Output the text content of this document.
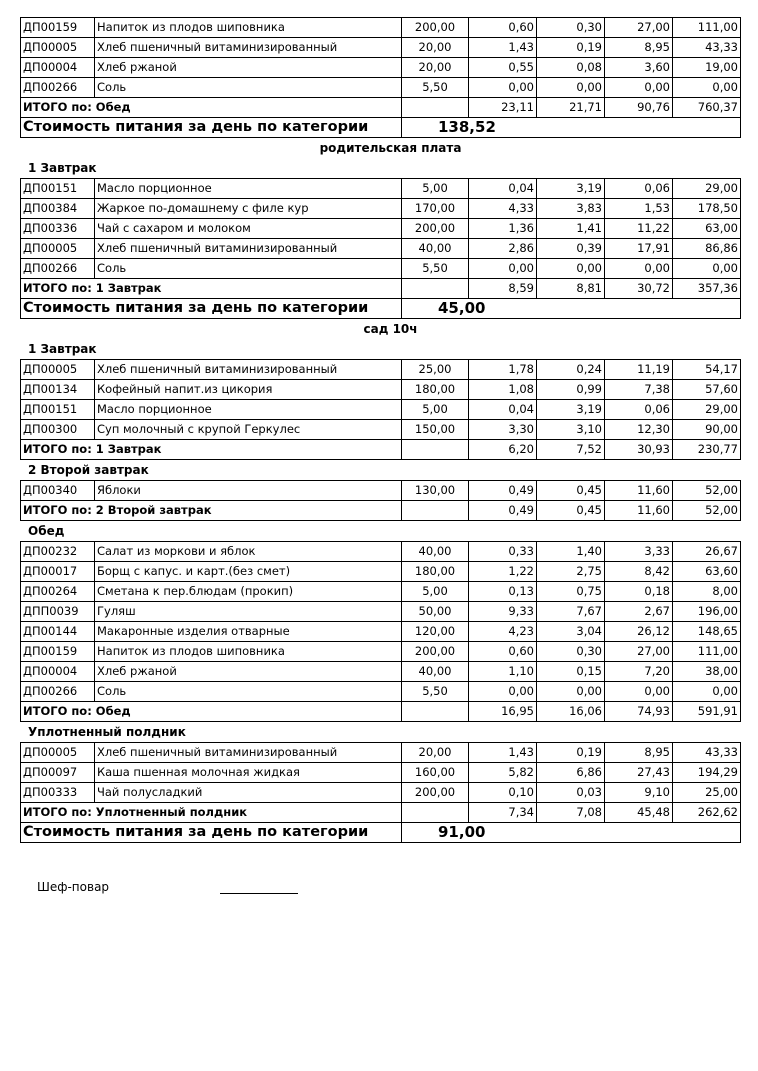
ДП00159	Напиток из плодов шиповника	200,00	0,60	0,30	27,00	111,00
ДП00005	Хлеб пшеничный витаминизированный	20,00	1,43	0,19	8,95	43,33
ДП00004	Хлеб ржаной	20,00	0,55	0,08	3,60	19,00
ДП00266	Соль	5,50	0,00	0,00	0,00	0,00
ИТОГО по: Обед			23,11	21,71	90,76	760,37
Стоимость питания за день по категории		138,52				
родительская плата
1 Завтрак
ДП00151	Масло порционное	5,00	0,04	3,19	0,06	29,00
ДП00384	Жаркое по-домашнему с филе кур	170,00	4,33	3,83	1,53	178,50
ДП00336	Чай с сахаром и молоком	200,00	1,36	1,41	11,22	63,00
ДП00005	Хлеб пшеничный витаминизированный	40,00	2,86	0,39	17,91	86,86
ДП00266	Соль	5,50	0,00	0,00	0,00	0,00
ИТОГО по: 1 Завтрак			8,59	8,81	30,72	357,36
Стоимость питания за день по категории		45,00				
сад 10ч
1 Завтрак
ДП00005	Хлеб пшеничный витаминизированный	25,00	1,78	0,24	11,19	54,17
ДП00134	Кофейный напит.из цикория	180,00	1,08	0,99	7,38	57,60
ДП00151	Масло порционное	5,00	0,04	3,19	0,06	29,00
ДП00300	Суп молочный с крупой Геркулес	150,00	3,30	3,10	12,30	90,00
ИТОГО по: 1 Завтрак			6,20	7,52	30,93	230,77
2 Второй завтрак
ДП00340	Яблоки	130,00	0,49	0,45	11,60	52,00
ИТОГО по: 2 Второй завтрак			0,49	0,45	11,60	52,00
Обед
ДП00232	Салат из моркови и яблок	40,00	0,33	1,40	3,33	26,67
ДП00017	Борщ с капус. и карт.(без смет)	180,00	1,22	2,75	8,42	63,60
ДП00264	Сметана к пер.блюдам (прокип)	5,00	0,13	0,75	0,18	8,00
ДПП0039	Гуляш	50,00	9,33	7,67	2,67	196,00
ДП00144	Макаронные изделия отварные	120,00	4,23	3,04	26,12	148,65
ДП00159	Напиток из плодов шиповника	200,00	0,60	0,30	27,00	111,00
ДП00004	Хлеб ржаной	40,00	1,10	0,15	7,20	38,00
ДП00266	Соль	5,50	0,00	0,00	0,00	0,00
ИТОГО по: Обед			16,95	16,06	74,93	591,91
Уплотненный полдник
ДП00005	Хлеб пшеничный витаминизированный	20,00	1,43	0,19	8,95	43,33
ДП00097	Каша пшенная молочная жидкая	160,00	5,82	6,86	27,43	194,29
ДП00333	Чай полусладкий	200,00	0,10	0,03	9,10	25,00
ИТОГО по: Уплотненный полдник			7,34	7,08	45,48	262,62
Стоимость питания за день по категории		91,00				
Шеф-повар
